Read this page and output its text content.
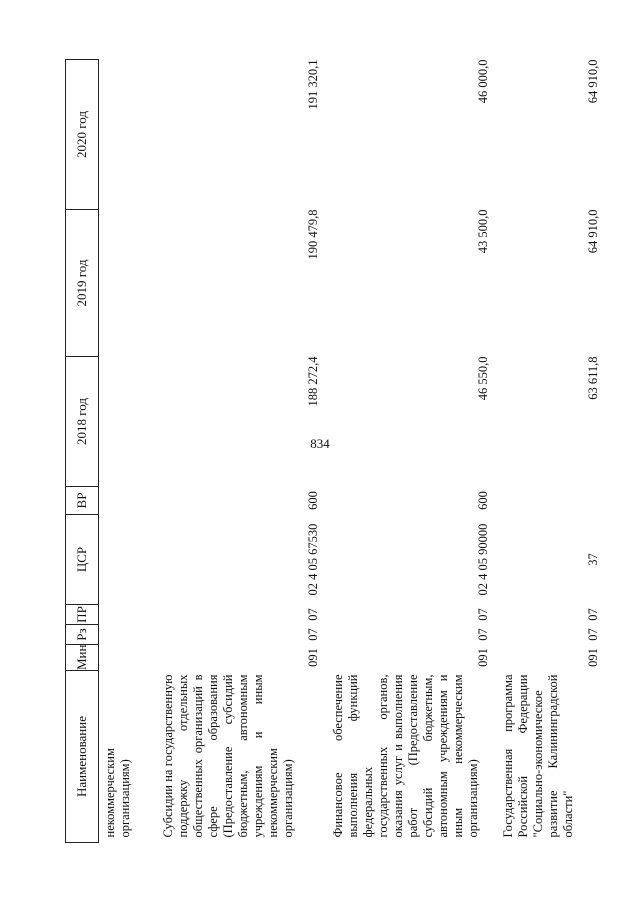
834
Наименование	Мин	Рз	ПР	ЦСР	ВР	2018 год	2019 год	2020 год
некоммерческим организациям)								
Субсидии на государственную поддержку отдельных общественных организаций в сфере образования (Предоставление субсидий бюджетным, автономным учреждениям и иным некоммерческим организациям)	091	07	07	02 4 05 67530	600	188 272,4	190 479,8	191 320,1
Финансовое обеспечение выполнения функций федеральных государственных органов, оказания услуг и выполнения работ (Предоставление субсидий бюджетным, автономным учреждениям и иным некоммерческим организациям)	091	07	07	02 4 05 90000	600	46 550,0	43 500,0	46 000,0
Государственная программа Российской Федерации "Социально-экономическое развитие Калининградской области"	091	07	07	37		63 611,8	64 910,0	64 910,0
